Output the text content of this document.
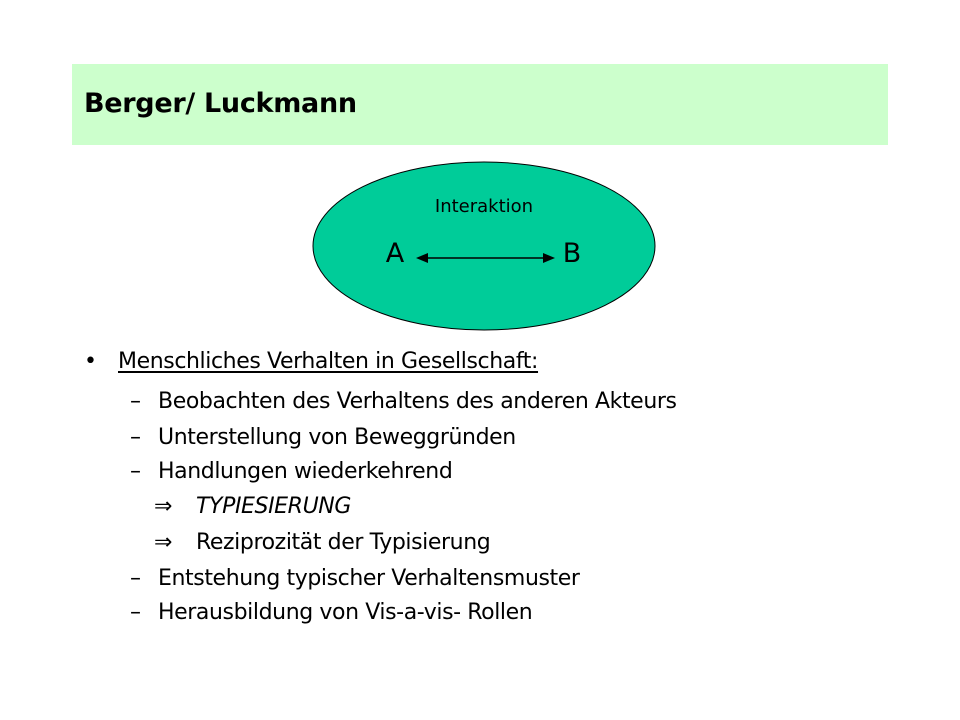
Berger/ Luckmann
Interaktion
A	B
• Menschliches Verhalten in Gesellschaft:
– Beobachten des Verhaltens des anderen Akteurs
– Unterstellung von Beweggründen
– Handlungen wiederkehrend
⇒ TYPIESIERUNG
⇒ Reziprozität der Typisierung
– Entstehung typischer Verhaltensmuster
– Herausbildung von Vis-a-vis- Rollen
